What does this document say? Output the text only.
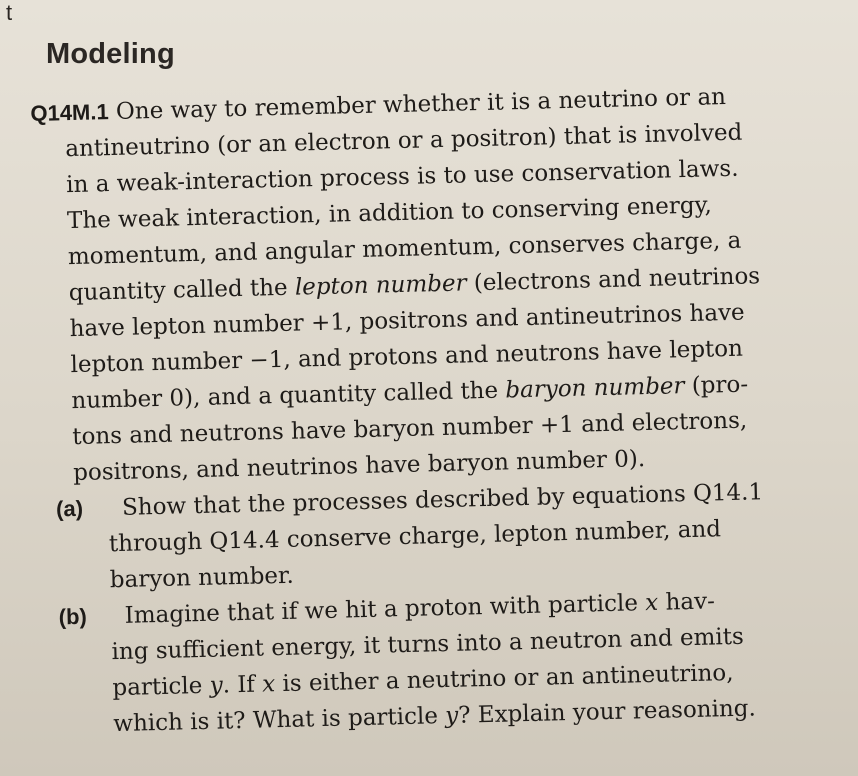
t
Modeling
Q14M.1 One way to remember whether it is a neutrino or an
antineutrino (or an electron or a positron) that is involved
in a weak-interaction process is to use conservation laws.
The weak interaction, in addition to conserving energy,
momentum, and angular momentum, conserves charge, a
quantity called the lepton number (electrons and neutrinos
have lepton number +1, positrons and antineutrinos have
lepton number −1, and protons and neutrons have lepton
number 0), and a quantity called the baryon number (pro-
tons and neutrons have baryon number +1 and electrons,
positrons, and neutrinos have baryon number 0).
(a) Show that the processes described by equations Q14.1
through Q14.4 conserve charge, lepton number, and
baryon number.
(b) Imagine that if we hit a proton with particle x hav-
ing sufficient energy, it turns into a neutron and emits
particle y. If x is either a neutrino or an antineutrino,
which is it? What is particle y? Explain your reasoning.
